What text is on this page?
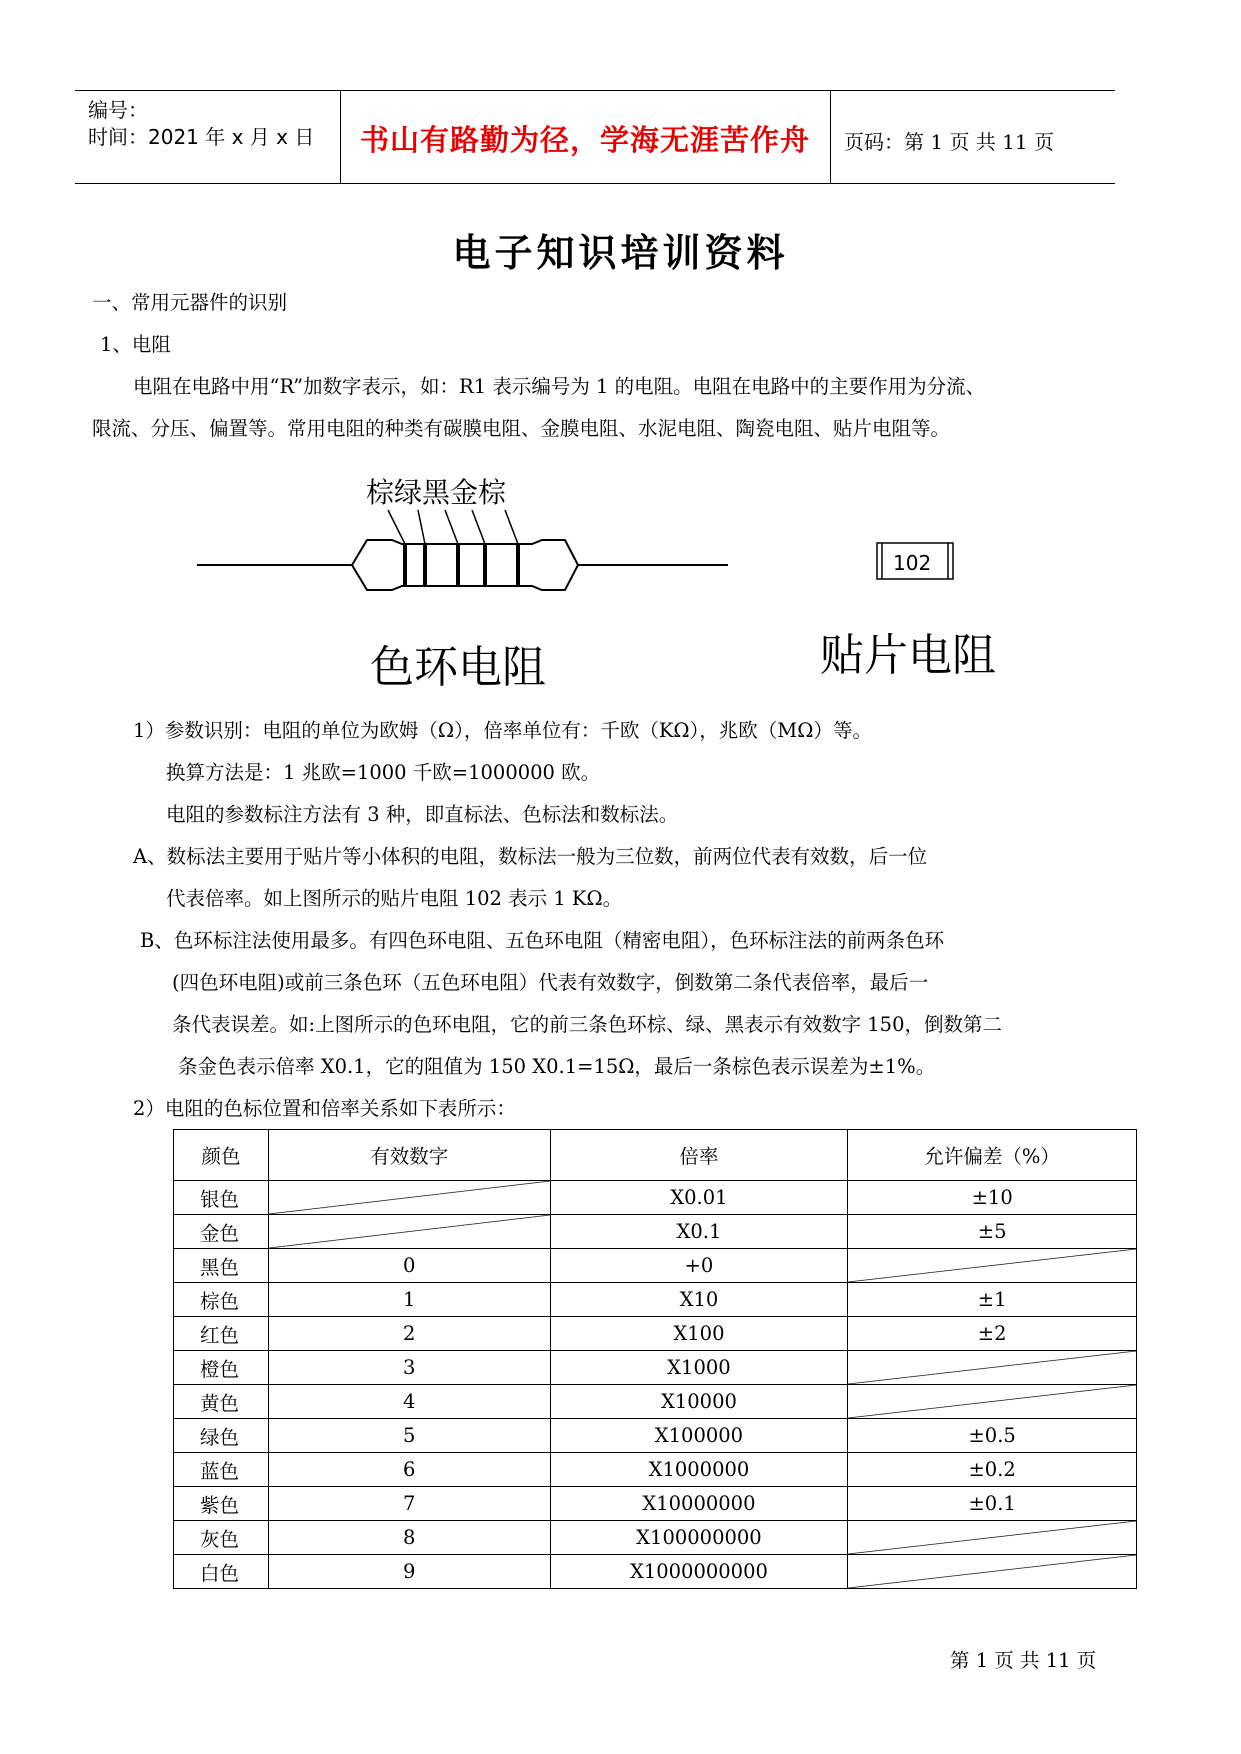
编号：
时间：2021 年 x 月 x 日	书山有路勤为径，学海无涯苦作舟	页码：第 1 页 共 11 页
电子知识培训资料
一、常用元器件的识别
1、电阻
电阻在电路中用“R”加数字表示，如：R1 表示编号为 1 的电阻。电阻在电路中的主要作用为分流、
限流、分压、偏置等。常用电阻的种类有碳膜电阻、金膜电阻、水泥电阻、陶瓷电阻、贴片电阻等。
棕绿黑金棕
色环电阻
102
贴片电阻
1）参数识别：电阻的单位为欧姆（Ω），倍率单位有：千欧（KΩ），兆欧（MΩ）等。
换算方法是：1 兆欧=1000 千欧=1000000 欧。
电阻的参数标注方法有 3 种，即直标法、色标法和数标法。
A、数标法主要用于贴片等小体积的电阻，数标法一般为三位数，前两位代表有效数，后一位
代表倍率。如上图所示的贴片电阻 102 表示 1 KΩ。
B、色环标注法使用最多。有四色环电阻、五色环电阻（精密电阻），色环标注法的前两条色环
(四色环电阻)或前三条色环（五色环电阻）代表有效数字，倒数第二条代表倍率，最后一
条代表误差。如:上图所示的色环电阻，它的前三条色环棕、绿、黑表示有效数字 150，倒数第二
条金色表示倍率 X0.1，它的阻值为 150 X0.1=15Ω，最后一条棕色表示误差为±1%。
2）电阻的色标位置和倍率关系如下表所示：
颜色	有效数字	倍率	允许偏差（%）
银色		X0.01	±10
金色		X0.1	±5
黑色	0	+0	
棕色	1	X10	±1
红色	2	X100	±2
橙色	3	X1000	
黄色	4	X10000	
绿色	5	X100000	±0.5
蓝色	6	X1000000	±0.2
紫色	7	X10000000	±0.1
灰色	8	X100000000	
白色	9	X1000000000	
第 1 页 共 11 页
